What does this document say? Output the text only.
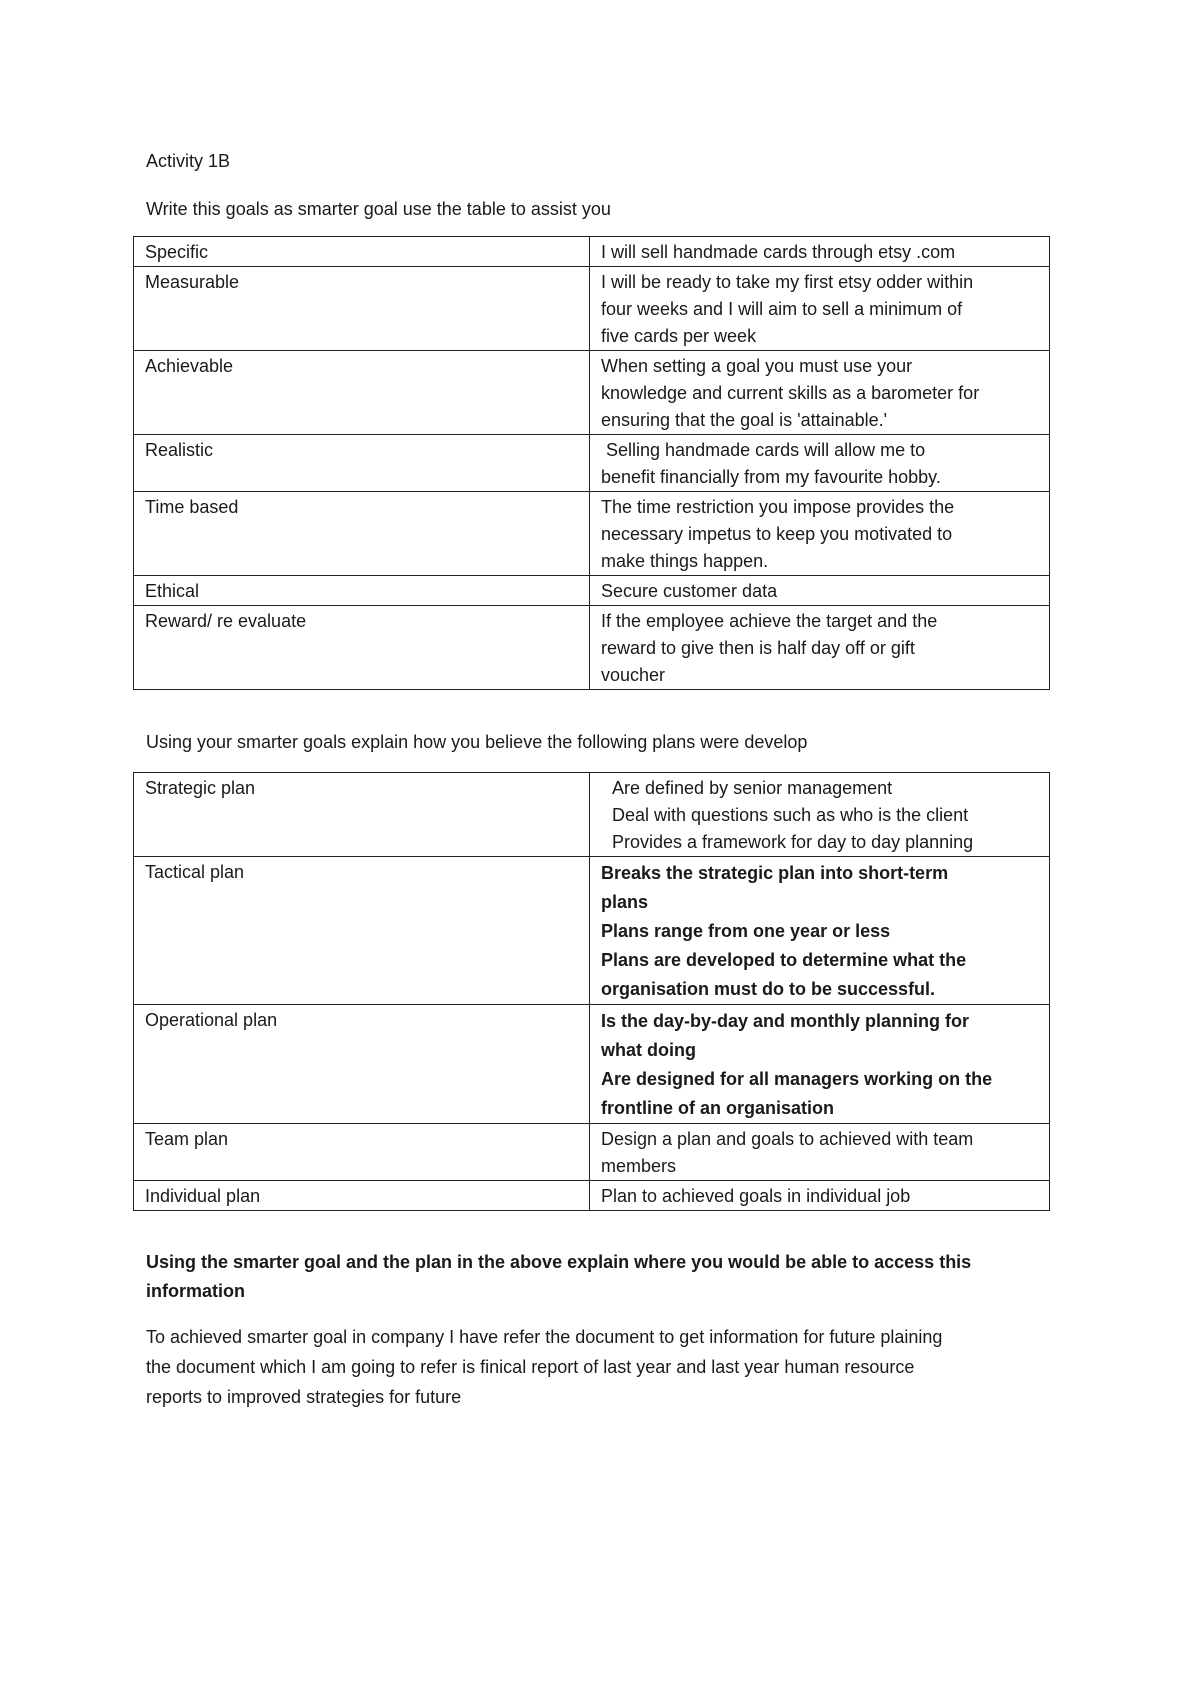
Activity 1B
Write this goals as smarter goal use the table to assist you
Specific	I will sell handmade cards through etsy .com

Measurable	I will be ready to take my first etsy odder within
four weeks and I will aim to sell a minimum of
five cards per week

Achievable	When setting a goal you must use your
knowledge and current skills as a barometer for
ensuring that the goal is 'attainable.'

Realistic	Selling handmade cards will allow me to
benefit financially from my favourite hobby.

Time based	The time restriction you impose provides the
necessary impetus to keep you motivated to
make things happen.

Ethical	Secure customer data

Reward/ re evaluate	If the employee achieve the target and the
reward to give then is half day off or gift
voucher
Using your smarter goals explain how you believe the following plans were develop
Strategic plan	Are defined by senior management
Deal with questions such as who is the client
Provides a framework for day to day planning

Tactical plan	Breaks the strategic plan into short-term
plans
Plans range from one year or less
Plans are developed to determine what the
organisation must do to be successful.

Operational plan	Is the day-by-day and monthly planning for
what doing
Are designed for all managers working on the
frontline of an organisation

Team plan	Design a plan and goals to achieved with team
members

Individual plan	Plan to achieved goals in individual job
Using the smarter goal and the plan in the above explain where you would be able to access this
information
To achieved smarter goal in company I have refer the document to get information for future plaining
the document which I am going to refer is finical report of last year and last year human resource
reports to improved strategies for future
